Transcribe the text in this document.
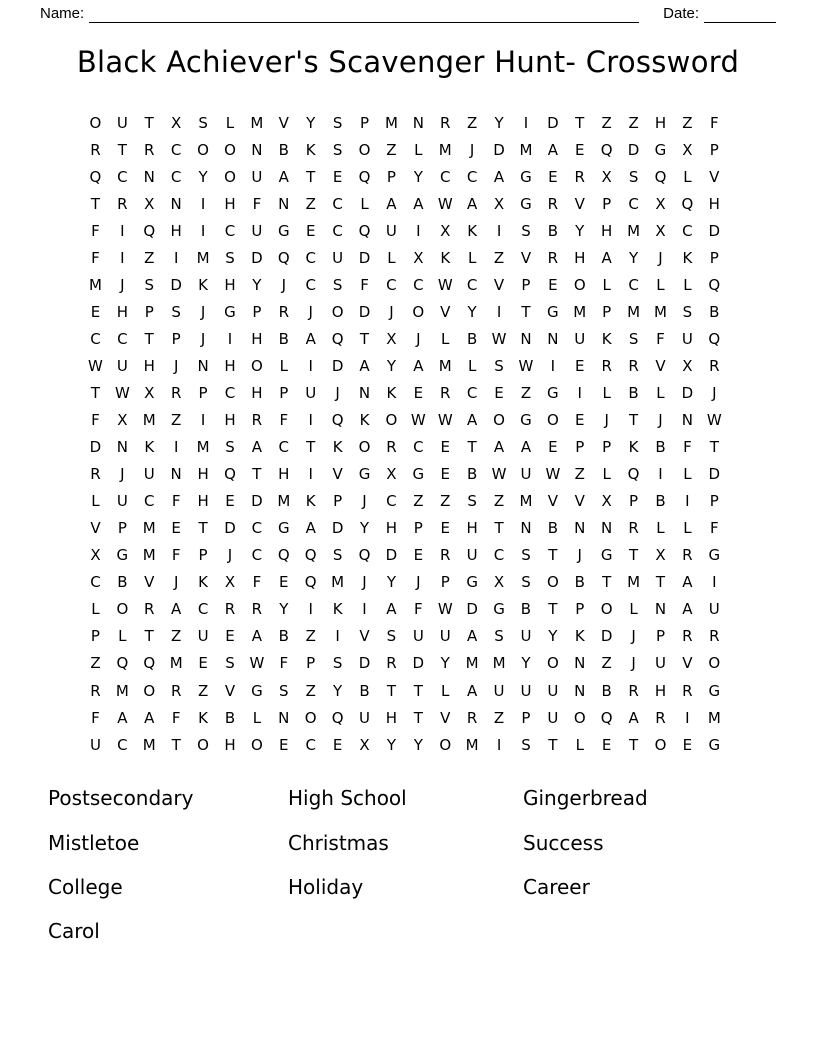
Name:	Date:
Black Achiever's Scavenger Hunt- Crossword
O	U	T	X	S	L	M	V	Y	S	P	M N	R	Z	Y	I	D	T	Z	Z	H	Z	F
R	T	R	C	O	O	N	B	K	S	O	Z	L	M	J	D M	A	E	Q	D	G	X	P
Q	C	N	C	Y	O	U	A	T	E	Q	P	Y	C	C	A	G	E	R	X	S	Q	L	V
T	R	X	N	I	H	F	N	Z	C	L	A	A W A	X	G	R	V	P	C	X	Q	H
F	I	Q	H	I	C	U	G	E	C	Q	U	I	X	K	I	S	B	Y	H M	X	C	D
F	I	Z	I	M	S	D	Q	C	U	D	L	X	K	L	Z	V	R	H	A	Y	J	K	P
M	J	S	D	K	H	Y	J	C	S	F	C	C W C	V	P	E	O	L	C	L	L	Q
E	H	P	S	J	G	P	R	J	O	D	J	O	V	Y	I	T	G M	P	M M	S	B
C	C	T	P	J	I	H	B	A	Q	T	X	J	L	B W N	N	U	K	S	F	U	Q
W U	H	J	N	H	O	L	I	D	A	Y	A	M	L	S W	I	E	R	R	V	X	R
T W X	R	P	C	H	P	U	J	N	K	E	R	C	E	Z	G	I	L	B	L	D	J
F	X	M	Z	I	H	R	F	I	Q	K	O W W A	O	G	O	E	J	T	J	N W
D	N	K	I	M	S	A	C	T	K	O	R	C	E	T	A	A	E	P	P	K	B	F	T
R	J	U	N	H	Q	T	H	I	V	G	X	G	E	B W U W Z	L	Q	I	L	D
L	U	C	F	H	E	D M	K	P	J	C	Z	Z	S	Z	M	V	V	X	P	B	I	P
V	P	M	E	T	D	C	G	A	D	Y	H	P	E	H	T	N	B	N	N	R	L	L	F
X	G M	F	P	J	C	Q	Q	S	Q	D	E	R	U	C	S	T	J	G	T	X	R	G
C	B	V	J	K	X	F	E	Q M	J	Y	J	P	G	X	S	O	B	T	M	T	A	I
L	O	R	A	C	R	R	Y	I	K	I	A	F	W D	G	B	T	P	O	L	N	A	U
P	L	T	Z	U	E	A	B	Z	I	V	S	U	U	A	S	U	Y	K	D	J	P	R	R
Z	Q	Q M	E	S W	F	P	S	D	R	D	Y	M M	Y	O	N	Z	J	U	V	O
R	M O	R	Z	V	G	S	Z	Y	B	T	T	L	A	U	U	U	N	B	R	H	R	G
F	A	A	F	K	B	L	N	O	Q	U	H	T	V	R	Z	P	U	O	Q	A	R	I	M
U	C	M	T	O	H	O	E	C	E	X	Y	Y	O M	I	S	T	L	E	T	O	E	G
Postsecondary
Mistletoe
College
Carol
High School
Christmas
Holiday
Gingerbread
Success
Career
